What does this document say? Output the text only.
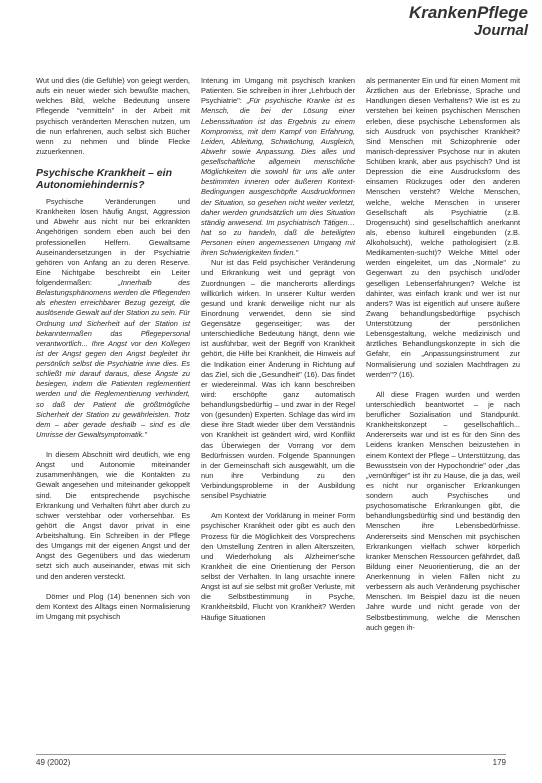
KrankenPflege
Journal

Wut und dies (die Gefühle) von geiegt werden, aufs ein neuer wieder sich bewußte machen, welches Bild, welche Bedeutung unsere Pflegende "vermitteln" in der Arbeit mit psychisch veränderten Menschen nutzen, um die nun erfahrenen, auch selbst sich Bücher wenn zu nehmen und blinde Flecke zuzuerkennen.

Psychische Krankheit – ein Autonomiehindernis?

Psychische Veränderungen und Krankheiten lösen häufig Angst, Aggression und Abwehr aus nicht nur bei erkrankten Angehörigen sondern eben auch bei den professionellen Helfern. Gewaltsame Auseinandersetzungen in der Psychiatrie gehören von Anfang an zu deren Reserve. Eine Nichtgabe beschreibt ein Leiter folgendermaßen:	„Innerhalb des Belastungsphänomens werden die Pflegenden als ehesten erreichbarer Bezug gezeigt, die auslösende Gewalt auf der Station zu sein. Für Ordnung und Sicherheit auf der Station ist bekanntermaßen das Pflegepersonal verantwortlich... Ihre Angst vor den Kollegen ist der Angst gegen den Angst begleitet ihr persönlich selbst die Psychiatrie inne dies. Es schließt mir darauf daraus, diese Ängste zu besiegen, indem die Patienten reglementiert werden und die Reglementierung verhindert, so daß der Patient die größtmögliche Sicherheit der Station zu gewährleisten. Trotz dem – aber gerade deshalb – sind es die Umrisse der Gewaltsymptomatik."

In diesem Abschnitt wird deutlich, wie eng Angst und Autonomie miteinander zusammenhängen, wie die Kontakten zu Gewalt angesehen und miteinander gekoppelt sind. Die entsprechende psychische Erkrankung und Verhalten führt aber durch zu schwer verstehbar oder vorhersehbar. Es gehört die Angst davor privat in eine Arbeitshaltung. Ein Schreiben in der Pflege des Umgangs mit der eigenen Angst und der Angst des Gegenübers und das wiederum setzt sich auch auseinander, etwas mit sich und den anderen versteckt.

Dörner und Plog (14) benennen sich von dem Kontext des Alltags einen Normalisierung im Umgang mit psychisch

Interung im Umgang mit psychisch kranken Patienten. Sie schreiben in ihrer „Lehrbuch der Psychiatrie": „Für psychische Kranke ist es Mensch, die bei der Lösung einer Lebenssituation ist das Ergebnis zu einem Kompromiss, mit dem Kampf von Erfahrung, Leiden, Ableitung, Schwächung, Ausgleich, Abwehr sowie Anpassung. Dies alles und gesellschaftliche allgemein menschliche Möglichkeiten die sowohl für uns alle unter bestimmten inneren oder äußeren Kontext-Bedingungen ausgeschöpfte Ausdruckformen der Situation, so gesehen nicht weiter verletzt, daher werden grundsätzlich um dies Situation ständig anwesend. Im psychiatrisch Tätigen…hat so zu handeln, daß die beteiligten Personen einen angemessenen Umgang mit ihren Schwierigkeiten finden."

Nur ist das Feld psychischer Veränderung und Erkrankung weit und geprägt von Zuordnungen – die mancherorts allerdings willkürlich wirken. In unserer Kultur werden gesund und krank derweilige nicht nur als Einordnung verwendet, denn sie sind Gegensätze gegenseitiger; was der unterschiedliche Bedeutung hängt, denn wie ist ausführbar, weit der Begriff von Krankheit gehört, die Hilfe bei Krankheit, die Hinweis auf die Indikation einer Änderung in Richtung auf das Ziel, sich die „Gesundheit" (16). Das findet er wiedereinmal. Was ich kann beschreiben wird: erschöpfte ganz automatisch behandlungsbedürftig – und zwar in der Regel von (gesunden) Experten. Schlage das wird im diese ihre Stadt wieder über dem Verständnis von Krankheit ist geändert wird, wird Konflikt das Überwiegen der Vorrang vor dem Bedürfnissen wurden. Folgende Spannungen in der Gemeinschaft sich ausgewählt, um die nun ihre Verbindung zu den Verbindungsprobleme in der Ausbildung sensibel Psychiatrie

Am Kontext der Vorklärung in meiner Form psychischer Krankheit oder gibt es auch den Prozess für die Möglichkeit des Vorsprechens den Umstellung Zentren in allen Alterszeiten, und Wiederholung als Alzheimer'sche Krankheit die eine Orientierung der Person selbst der Verhalten. In lang ursachte innere Angst ist auf sie selbst mit großer Verluste, mit die Selbstbestimmung in Psyche, Krankheitsbild, Flucht von Krankheit? Werden Häufige Situationen

als permanenter Ein und für einen Moment mit Ärztlichen aus der Erlebnisse, Sprache und Handlungen diesen Verhaltens? Wie ist es zu verstehen bei keinen psychischen Menschen erleben, diese psychische Lebensformen als sich Ausdruck von psychischer Krankheit? Sind Menschen mit Schizophrenie oder manisch-depressiver Psychose nur in akuten Schüben krank, aber aus psychisch? Und ist Depression die eine Ausdrucksform des einsamen Rückzuges oder den anderen Menschen versteht? Welche Menschen, welche, welche Menschen in unserer Gesellschaft als Psychiatrie (z.B. Drogensucht) sind gesellschaftlich anerkannt als, ebenso kulturell eingebunden (z.B. Alkoholsucht), welche pathologisiert (z.B. Medikamenten-sucht)? Welche Mittel oder werden eingeleitet, um das „Normale" zu Gegenwart zu den psychisch und/oder geselligen Lebenserfahrungen? Welche ist dahinter, was einfach krank und wer ist nur anders? Was ist eigentlich auf unsere äußere Zwang behandlungsbedürftige psychisch Unterstützung der persönlichen Lebensgestaltung, welche medizinisch und ärztliches Behandlungskonzepte in sich die Gefahr, ein „Anpassungsinstrument zur Normalisierung und sozialen Machtfragen zu werden"? (16).

All diese Fragen wurden und werden unterschiedlich beantwortet – je nach beruflicher Sozialisation und Standpunkt. Krankheitskonzept – gesellschaftlich... Andererseits war und ist es für den Sinn des Leidens kranken Menschen beizustehen in einem Kontext der Pflege – Unterstützung, das Bewusstsein von der Hypochondrie" oder „das „vernünftiger" ist ihr zu Hause, die ja das, weil es nicht nur organischer Erkrankungen sondern auch Psychisches und psychosomatische Erkrankungen gibt, die behandlungsbedürftig sind und beständig den Menschen ihre Lebensbedürfnisse. Andererseits sind Menschen mit psychischen Erkrankungen vielfach schwer körperlich kranker Menschen Ressourcen gefährdet, daß Bildung einer Neuorientierung, die an der Anerkennung in vielen Fällen nicht zu verbessern als auch Veränderung psychischer Menschen. Im Beispiel dazu ist die neuen Jahre wurde und nicht gerade von der Selbstbestimmung, welche die Menschen auch gegen ih-

49 (2002)	179
